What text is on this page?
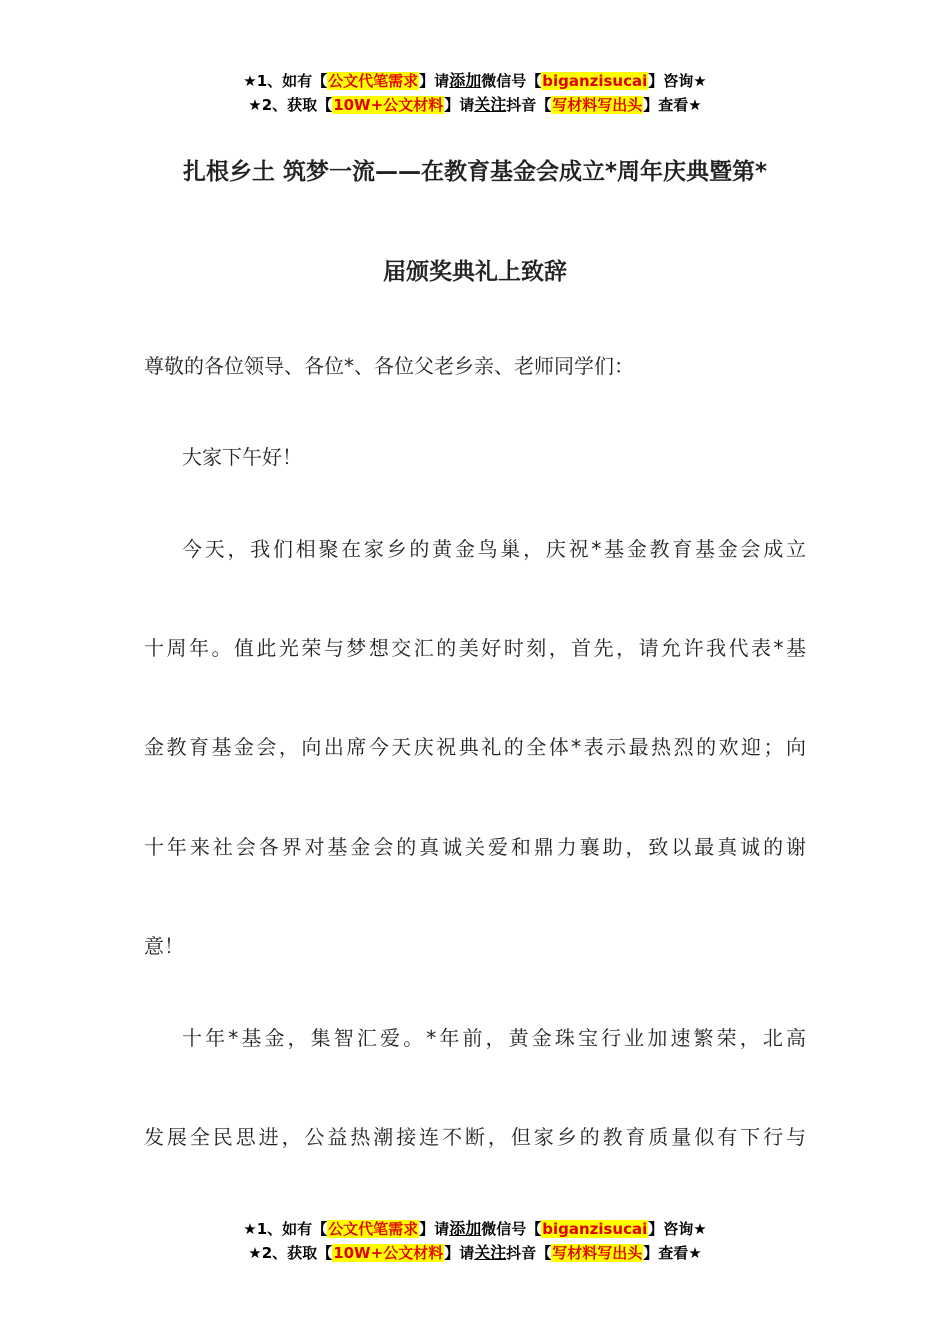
★1、如有【公文代笔需求】请添加微信号【biganzisucai】咨询★
★2、获取【10W+公文材料】请关注抖音【写材料写出头】查看★
扎根乡土 筑梦一流——在教育基金会成立*周年庆典暨第*
届颁奖典礼上致辞
尊敬的各位领导、各位*、各位父老乡亲、老师同学们：
大家下午好！
今天，我们相聚在家乡的黄金鸟巢，庆祝*基金教育基金会成立
十周年。值此光荣与梦想交汇的美好时刻，首先，请允许我代表*基
金教育基金会，向出席今天庆祝典礼的全体*表示最热烈的欢迎；向
十年来社会各界对基金会的真诚关爱和鼎力襄助，致以最真诚的谢
意！
十年*基金，集智汇爱。*年前，黄金珠宝行业加速繁荣，北高
发展全民思进，公益热潮接连不断，但家乡的教育质量似有下行与
★1、如有【公文代笔需求】请添加微信号【biganzisucai】咨询★
★2、获取【10W+公文材料】请关注抖音【写材料写出头】查看★
